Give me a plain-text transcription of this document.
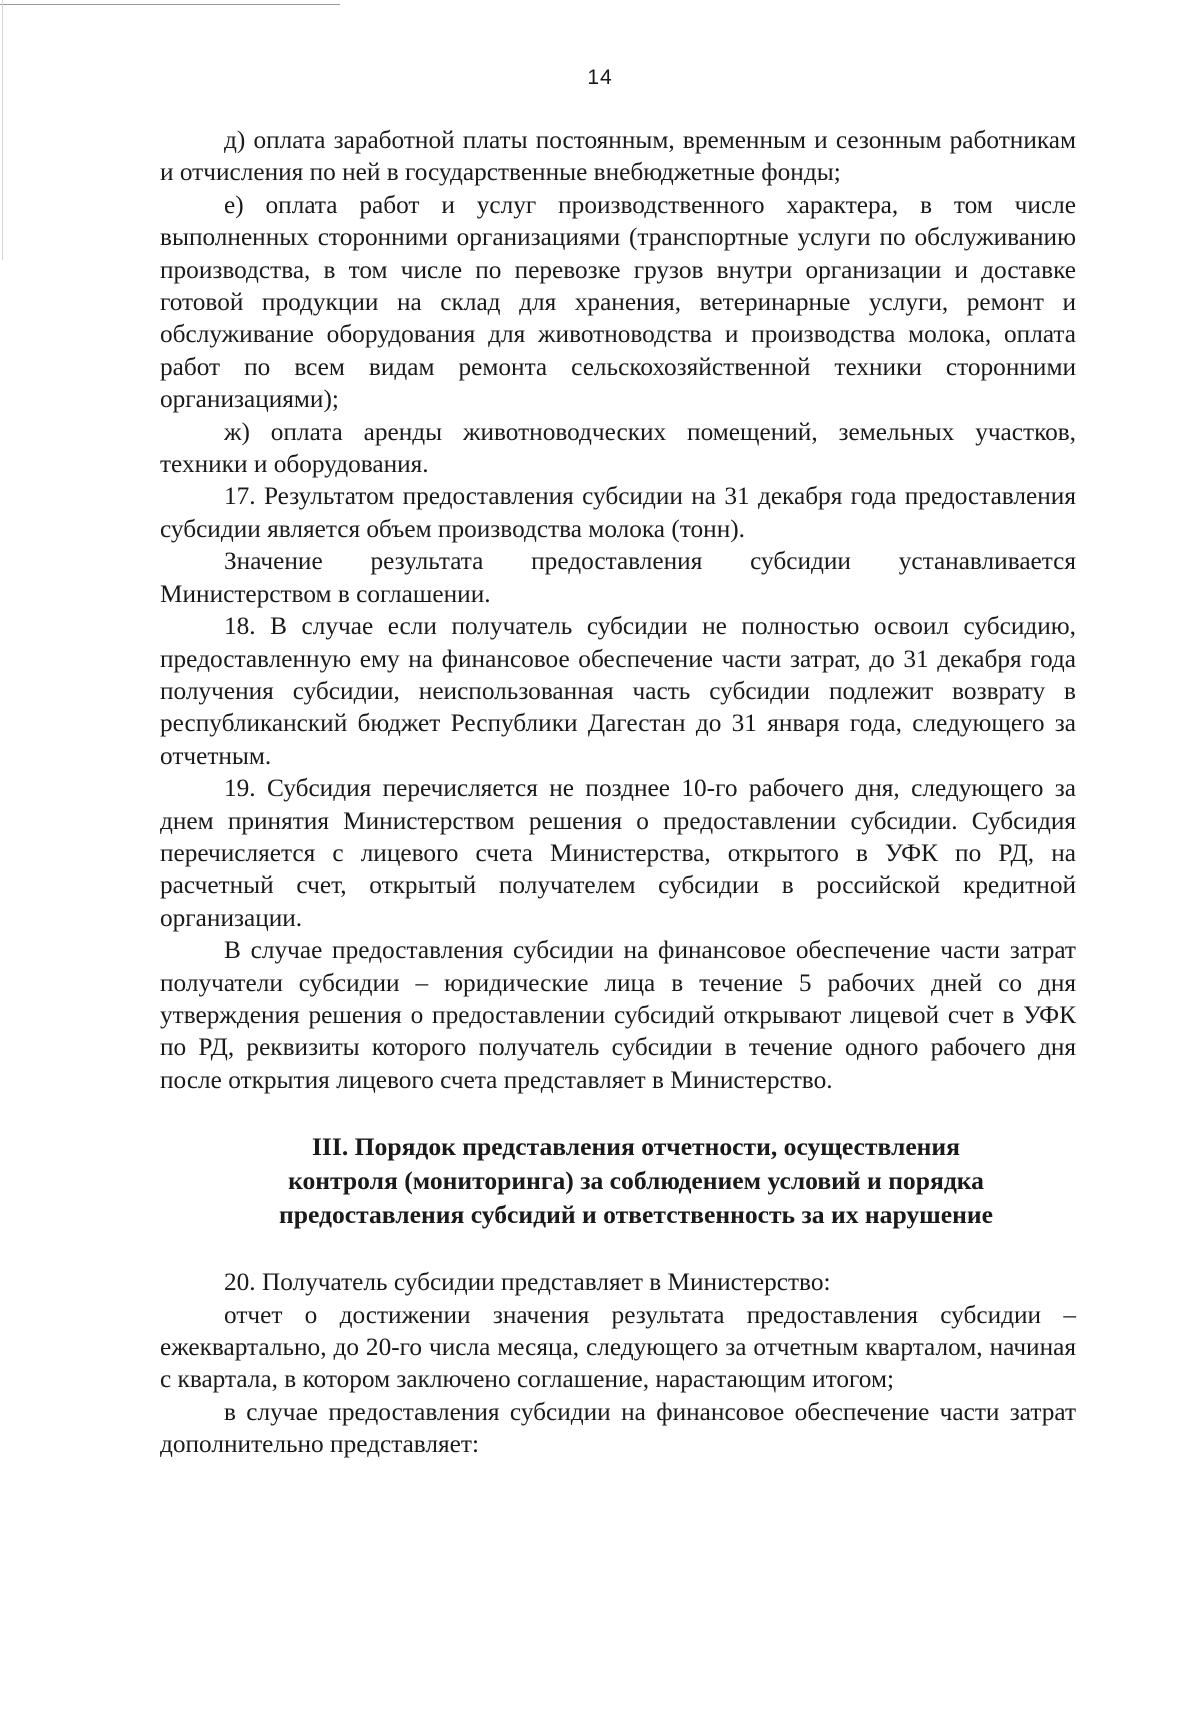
14

д) оплата заработной платы постоянным, временным и сезонным работникам и отчисления по ней в государственные внебюджетные фонды;

е) оплата работ и услуг производственного характера, в том числе выполненных сторонними организациями (транспортные услуги по обслуживанию производства, в том числе по перевозке грузов внутри организации и доставке готовой продукции на склад для хранения, ветеринарные услуги, ремонт и обслуживание оборудования для животноводства и производства молока, оплата работ по всем видам ремонта сельскохозяйственной техники сторонними организациями);

ж) оплата аренды животноводческих помещений, земельных участков, техники и оборудования.

17. Результатом предоставления субсидии на 31 декабря года предоставления субсидии является объем производства молока (тонн).

Значение результата предоставления субсидии устанавливается Министерством в соглашении.

18. В случае если получатель субсидии не полностью освоил субсидию, предоставленную ему на финансовое обеспечение части затрат, до 31 декабря года получения субсидии, неиспользованная часть субсидии подлежит возврату в республиканский бюджет Республики Дагестан до 31 января года, следующего за отчетным.

19. Субсидия перечисляется не позднее 10-го рабочего дня, следующего за днем принятия Министерством решения о предоставлении субсидии. Субсидия перечисляется с лицевого счета Министерства, открытого в УФК по РД, на расчетный счет, открытый получателем субсидии в российской кредитной организации.

В случае предоставления субсидии на финансовое обеспечение части затрат получатели субсидии – юридические лица в течение 5 рабочих дней со дня утверждения решения о предоставлении субсидий открывают лицевой счет в УФК по РД, реквизиты которого получатель субсидии в течение одного рабочего дня после открытия лицевого счета представляет в Министерство.

III. Порядок представления отчетности, осуществления
контроля (мониторинга) за соблюдением условий и порядка
предоставления субсидий и ответственность за их нарушение

20. Получатель субсидии представляет в Министерство:

отчет о достижении значения результата предоставления субсидии – ежеквартально, до 20-го числа месяца, следующего за отчетным кварталом, начиная с квартала, в котором заключено соглашение, нарастающим итогом;

в случае предоставления субсидии на финансовое обеспечение части затрат дополнительно представляет:
